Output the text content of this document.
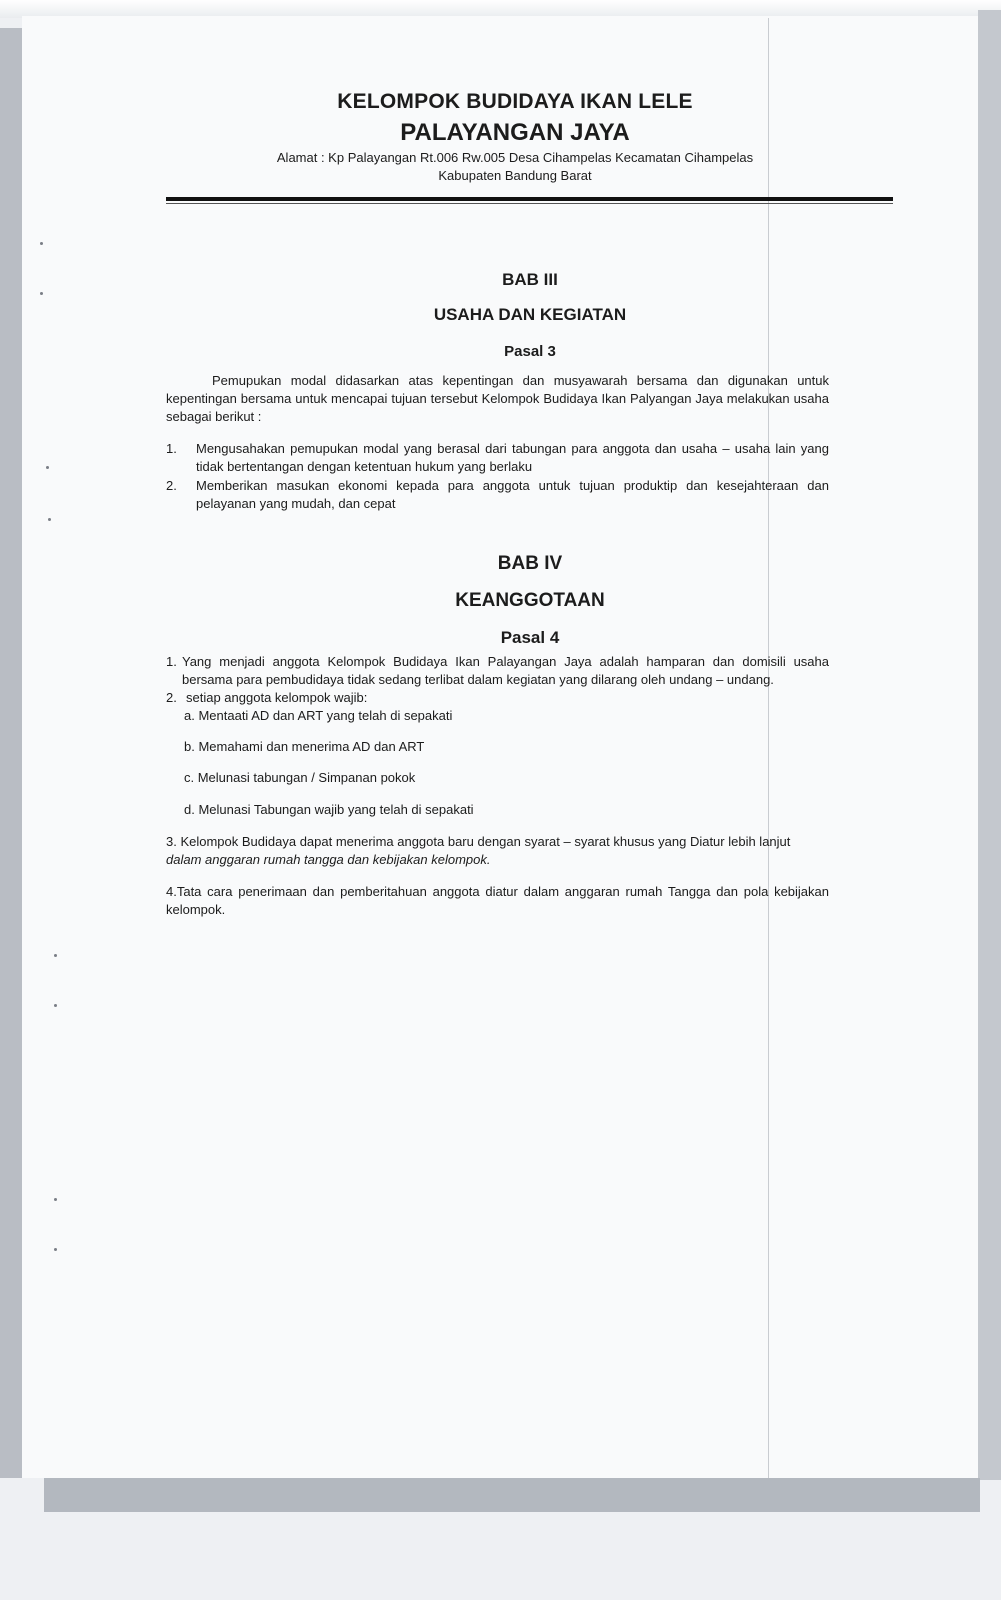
KELOMPOK BUDIDAYA IKAN LELE
PALAYANGAN JAYA
Alamat : Kp Palayangan Rt.006 Rw.005 Desa Cihampelas Kecamatan Cihampelas
Kabupaten Bandung Barat
BAB III
USAHA DAN KEGIATAN
Pasal 3
Pemupukan modal didasarkan atas kepentingan dan musyawarah bersama dan digunakan untuk kepentingan bersama untuk mencapai tujuan tersebut Kelompok Budidaya Ikan Palyangan Jaya melakukan usaha sebagai berikut :
1. Mengusahakan pemupukan modal yang berasal dari tabungan para anggota dan usaha – usaha lain yang tidak bertentangan dengan ketentuan hukum yang berlaku
2. Memberikan masukan ekonomi kepada para anggota untuk tujuan produktip dan kesejahteraan dan pelayanan yang mudah, dan cepat
BAB IV
KEANGGOTAAN
Pasal 4
1. Yang menjadi anggota Kelompok Budidaya Ikan Palayangan Jaya adalah hamparan dan domisili usaha bersama para pembudidaya tidak sedang terlibat dalam kegiatan yang dilarang oleh undang – undang.
2. setiap anggota kelompok wajib:
a. Mentaati AD dan ART yang telah di sepakati
b. Memahami dan menerima AD dan ART
c. Melunasi tabungan / Simpanan pokok
d. Melunasi Tabungan wajib yang telah di sepakati
3. Kelompok Budidaya dapat menerima anggota baru dengan syarat – syarat khusus yang Diatur lebih lanjut
dalam anggaran rumah tangga dan kebijakan kelompok.
4.Tata cara penerimaan dan pemberitahuan anggota diatur dalam anggaran rumah Tangga dan pola kebijakan kelompok.
